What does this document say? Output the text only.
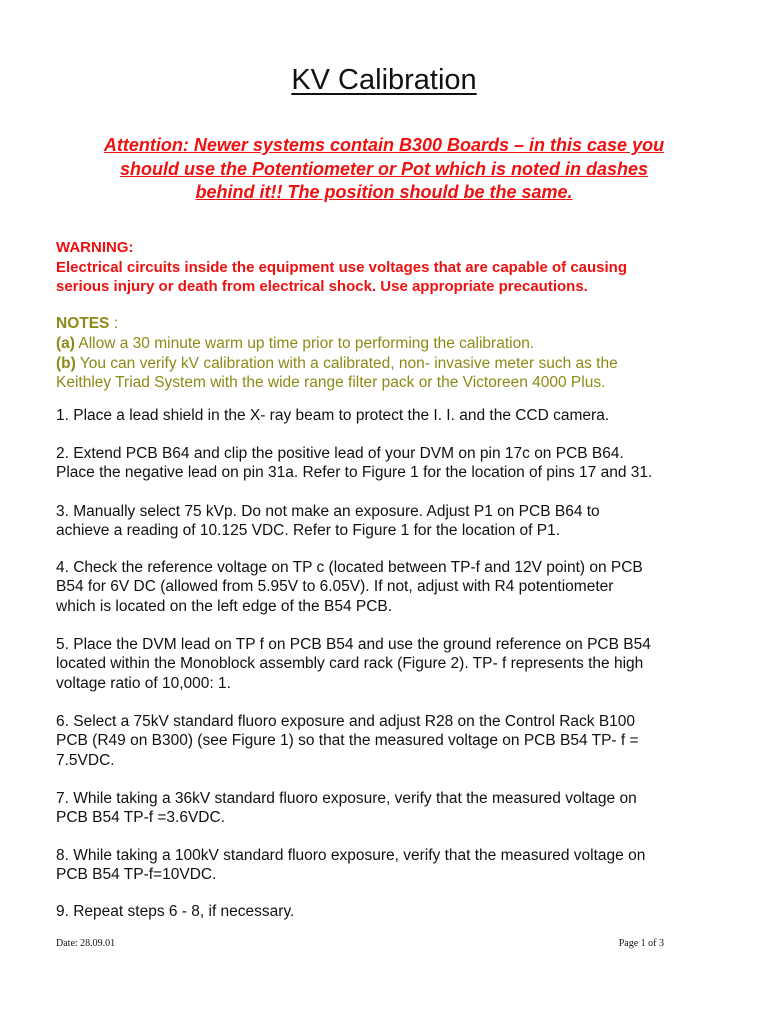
KV Calibration

Attention: Newer systems contain B300 Boards – in this case you
should use the Potentiometer or Pot which is noted in dashes
behind it!! The position should be the same.

WARNING:
Electrical circuits inside the equipment use voltages that are capable of causing
serious injury or death from electrical shock. Use appropriate precautions.
NOTES :
(a) Allow a 30 minute warm up time prior to performing the calibration.
(b) You can verify kV calibration with a calibrated, non- invasive meter such as the
Keithley Triad System with the wide range filter pack or the Victoreen 4000 Plus.
1. Place a lead shield in the X- ray beam to protect the I. I. and the CCD camera.
2. Extend PCB B64 and clip the positive lead of your DVM on pin 17c on PCB B64.
Place the negative lead on pin 31a. Refer to Figure 1 for the location of pins 17 and 31.
3. Manually select 75 kVp. Do not make an exposure. Adjust P1 on PCB B64 to
achieve a reading of 10.125 VDC. Refer to Figure 1 for the location of P1.
4. Check the reference voltage on TP c (located between TP-f and 12V point) on PCB
B54 for 6V DC (allowed from 5.95V to 6.05V). If not, adjust with R4 potentiometer
which is located on the left edge of the B54 PCB.
5. Place the DVM lead on TP f on PCB B54 and use the ground reference on PCB B54
located within the Monoblock assembly card rack (Figure 2). TP- f represents the high
voltage ratio of 10,000: 1.
6. Select a 75kV standard fluoro exposure and adjust R28 on the Control Rack B100
PCB (R49 on B300) (see Figure 1) so that the measured voltage on PCB B54 TP- f =
7.5VDC.
7. While taking a 36kV standard fluoro exposure, verify that the measured voltage on
PCB B54 TP-f =3.6VDC.
8. While taking a 100kV standard fluoro exposure, verify that the measured voltage on
PCB B54 TP-f=10VDC.
9. Repeat steps 6 - 8, if necessary.
Date: 28.09.01	Page 1 of 3
